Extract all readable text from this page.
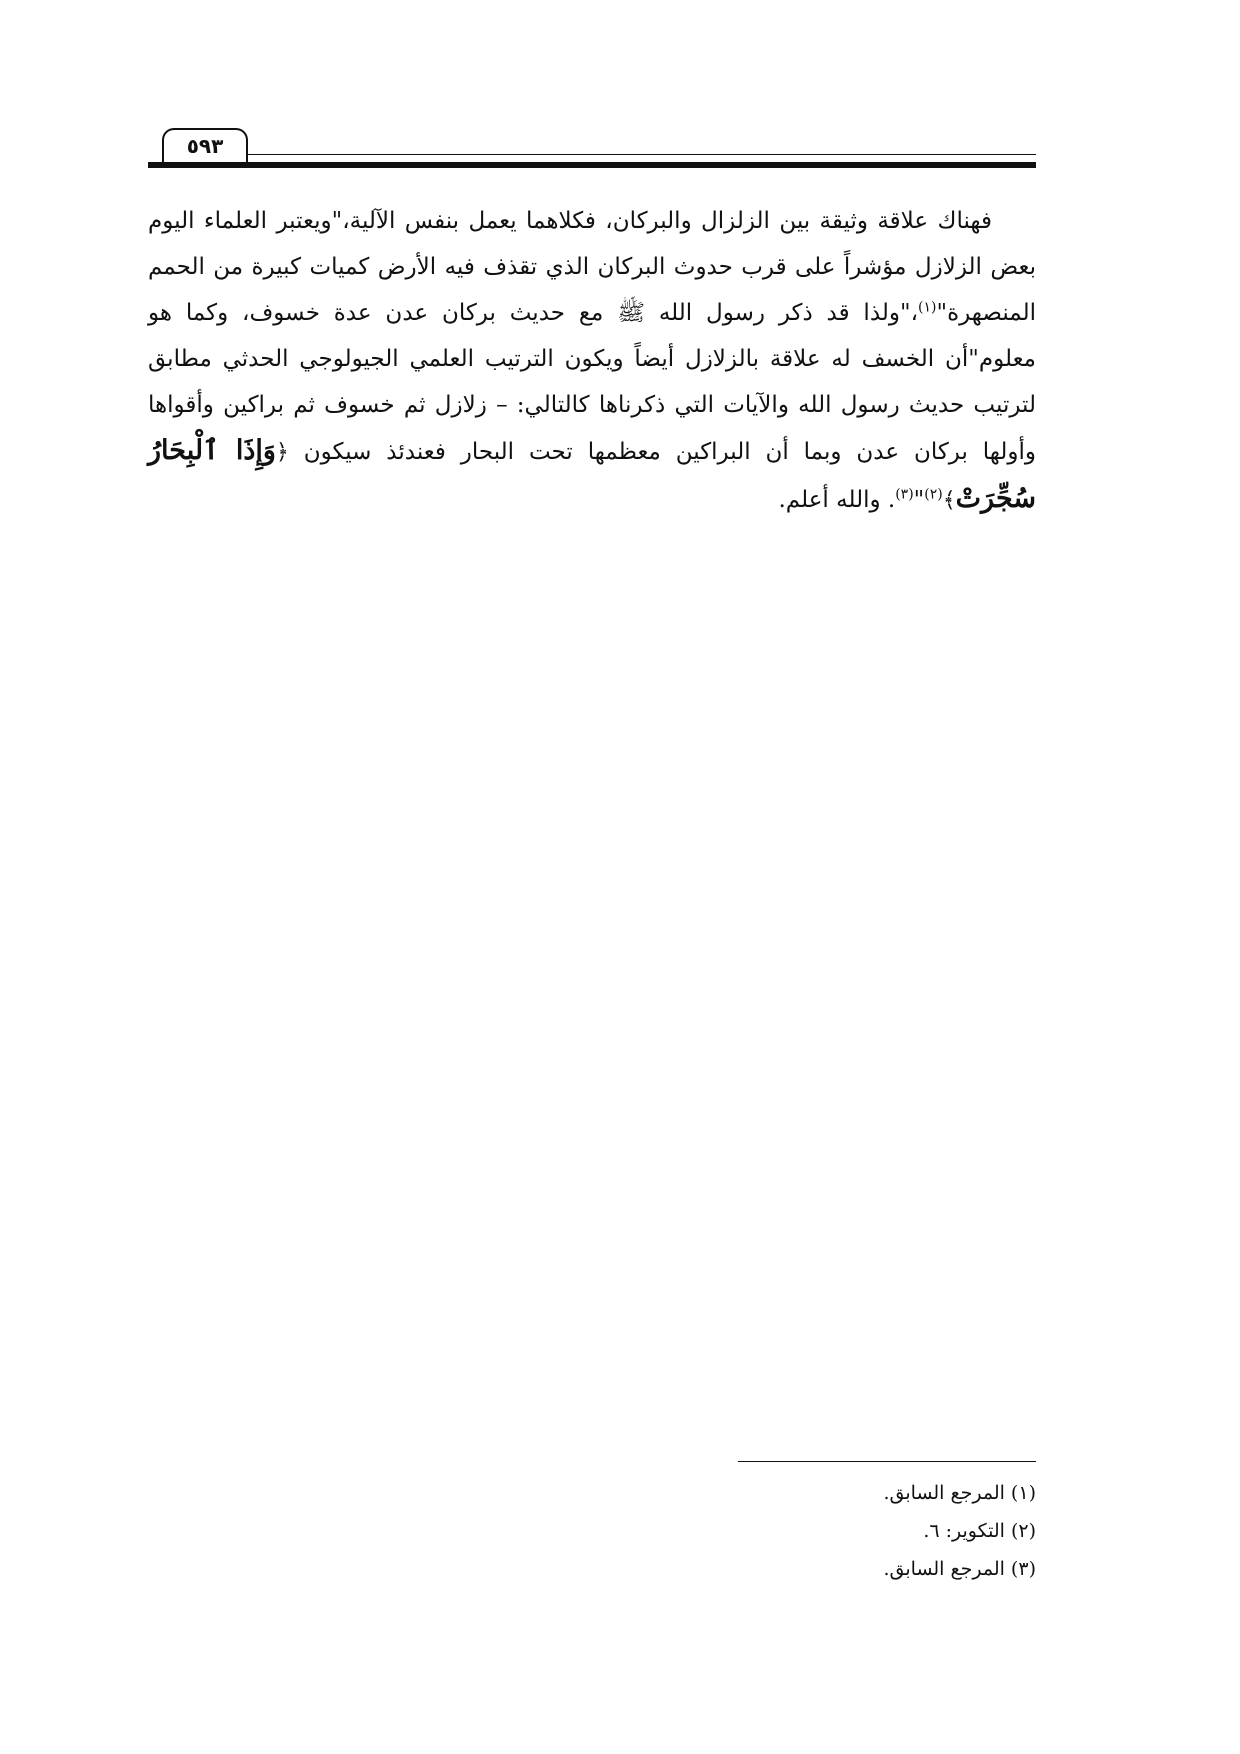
٥٩٣

فهناك علاقة وثيقة بين الزلزال والبركان، فكلاهما يعمل بنفس الآلية،"ويعتبر العلماء اليوم بعض الزلازل مؤشراً على قرب حدوث البركان الذي تقذف فيه الأرض كميات كبيرة من الحمم المنصهرة"$^{(١)}$،"ولذا قد ذكر رسول الله ﷺ مع حديث بركان عدن عدة خسوف، وكما هو معلوم"أن الخسف له علاقة بالزلازل أيضاً ويكون الترتيب العلمي الجيولوجي الحدثي مطابق لترتيب حديث رسول الله والآيات التي ذكرناها كالتالي: – زلازل ثم خسوف ثم براكين وأقواها وأولها بركان عدن وبما أن البراكين معظمها تحت البحار فعندئذ سيكون ﴿وَإِذَا ٱلْبِحَارُ سُجِّرَتْ﴾$^{(٢)}$"$^{(٣)}$. والله أعلم.

(١) المرجع السابق.
(٢) التكوير: ٦.
(٣) المرجع السابق.
